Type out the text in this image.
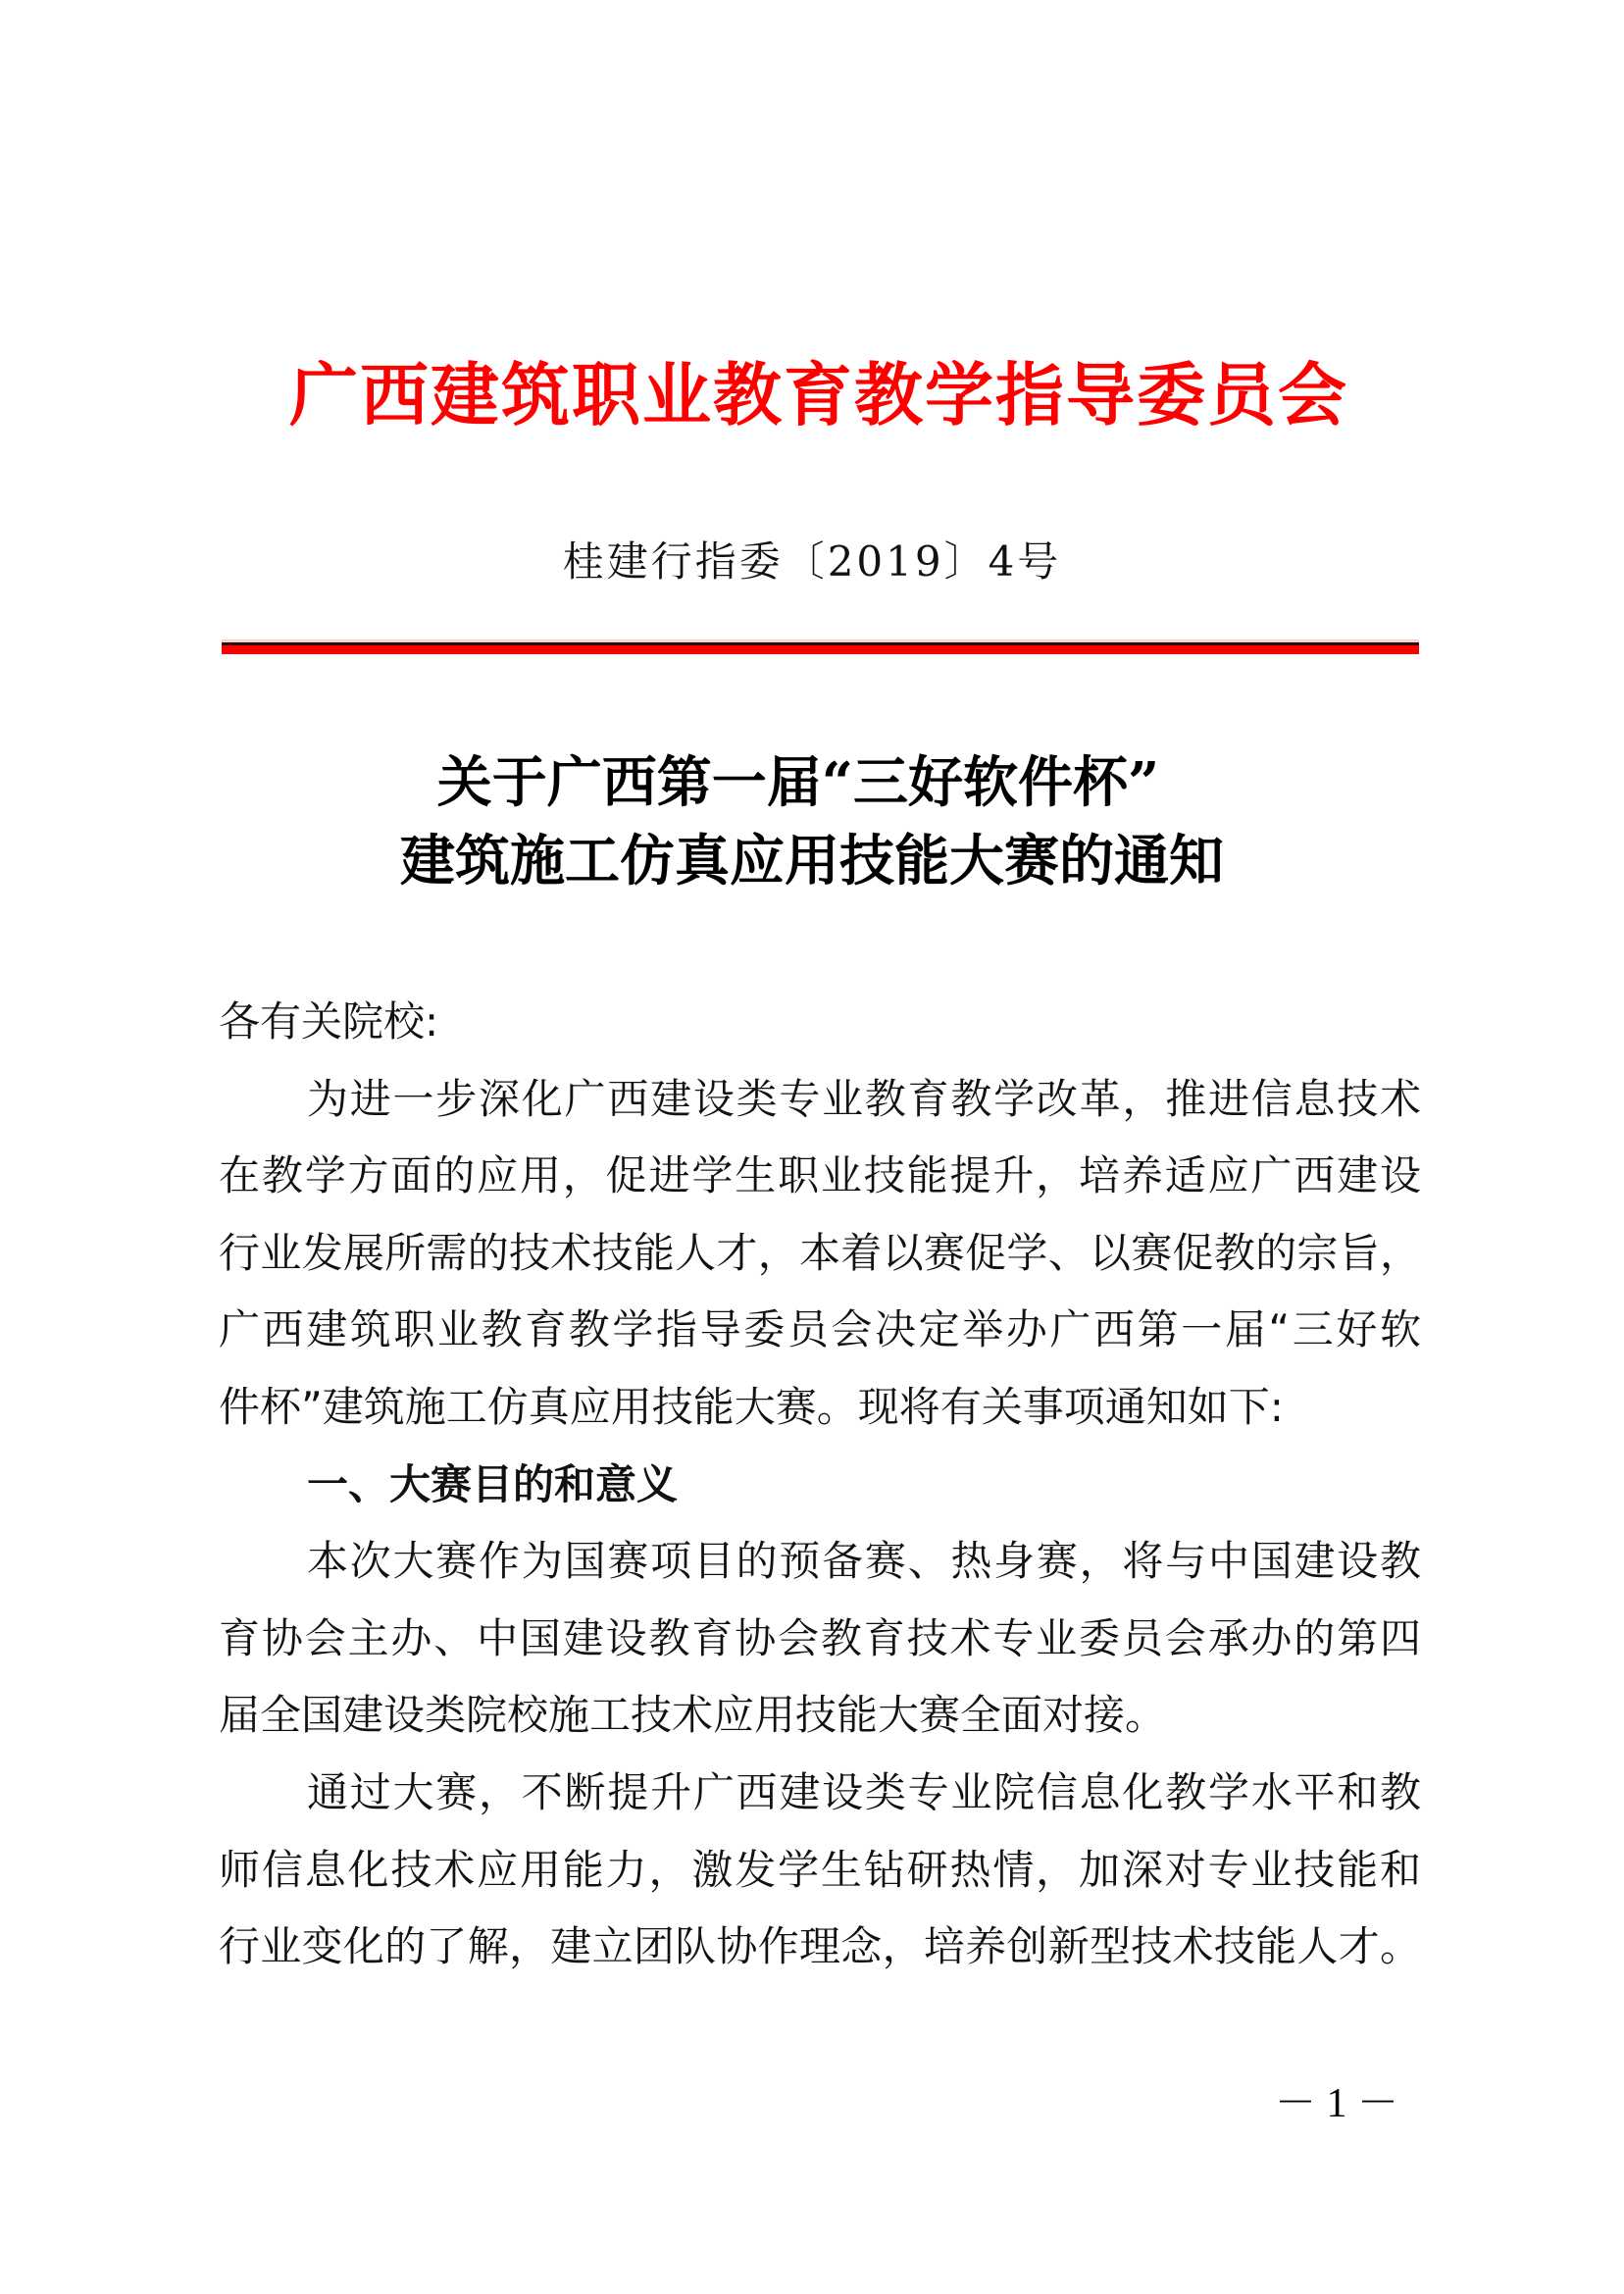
广西建筑职业教育教学指导委员会
桂建行指委〔2019〕4号
关于广西第一届“三好软件杯”
建筑施工仿真应用技能大赛的通知
各有关院校:
为进一步深化广西建设类专业教育教学改革，推进信息技术
在教学方面的应用，促进学生职业技能提升，培养适应广西建设
行业发展所需的技术技能人才，本着以赛促学、以赛促教的宗旨，
广西建筑职业教育教学指导委员会决定举办广西第一届“三好软
件杯”建筑施工仿真应用技能大赛。现将有关事项通知如下:
一、大赛目的和意义
本次大赛作为国赛项目的预备赛、热身赛，将与中国建设教
育协会主办、中国建设教育协会教育技术专业委员会承办的第四
届全国建设类院校施工技术应用技能大赛全面对接。
通过大赛，不断提升广西建设类专业院信息化教学水平和教
师信息化技术应用能力，激发学生钻研热情，加深对专业技能和
行业变化的了解，建立团队协作理念，培养创新型技术技能人才。
－ 1 －
